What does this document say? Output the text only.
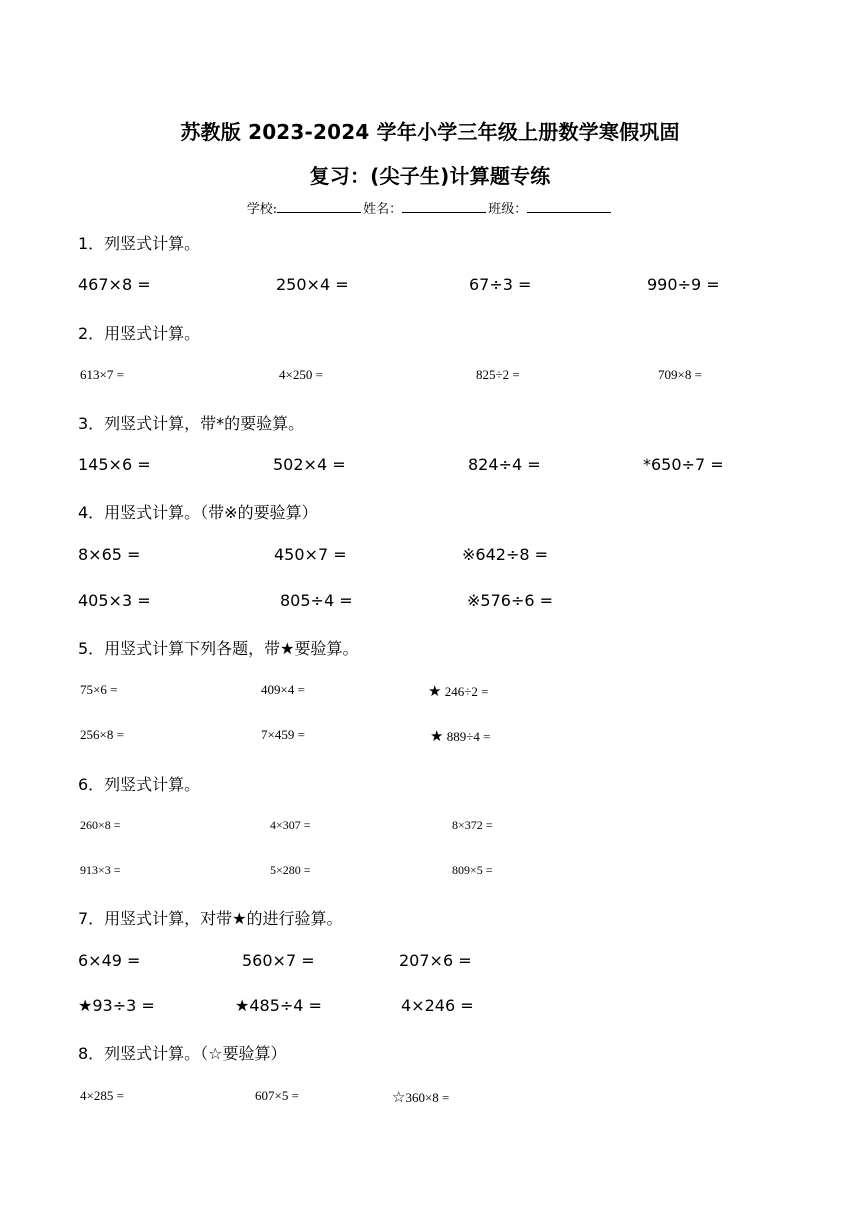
苏教版 2023-2024 学年小学三年级上册数学寒假巩固
复习：(尖子生)计算题专练
学校:	姓名：	班级：
1．列竖式计算。
467×8 =	250×4 =	67÷3 =	990÷9 =
2．用竖式计算。
613×7 =	4×250 =	825÷2 =	709×8 =
3．列竖式计算，带*的要验算。
145×6 =	502×4 =	824÷4 =	*650÷7 =
4．用竖式计算。（带※的要验算）
8×65 =	450×7 =	※642÷8 =
405×3 =	805÷4 =	※576÷6 =
5．用竖式计算下列各题，带★要验算。
75×6 =	409×4 =	★ 246÷2 =
256×8 =	7×459 =	★ 889÷4 =
6．列竖式计算。
260×8 =	4×307 =	8×372 =
913×3 =	5×280 =	809×5 =
7．用竖式计算，对带★的进行验算。
6×49 =	560×7 =	207×6 =
★93÷3 =	★485÷4 =	4×246 =
8．列竖式计算。（☆要验算）
4×285 =	607×5 =	☆360×8 =
